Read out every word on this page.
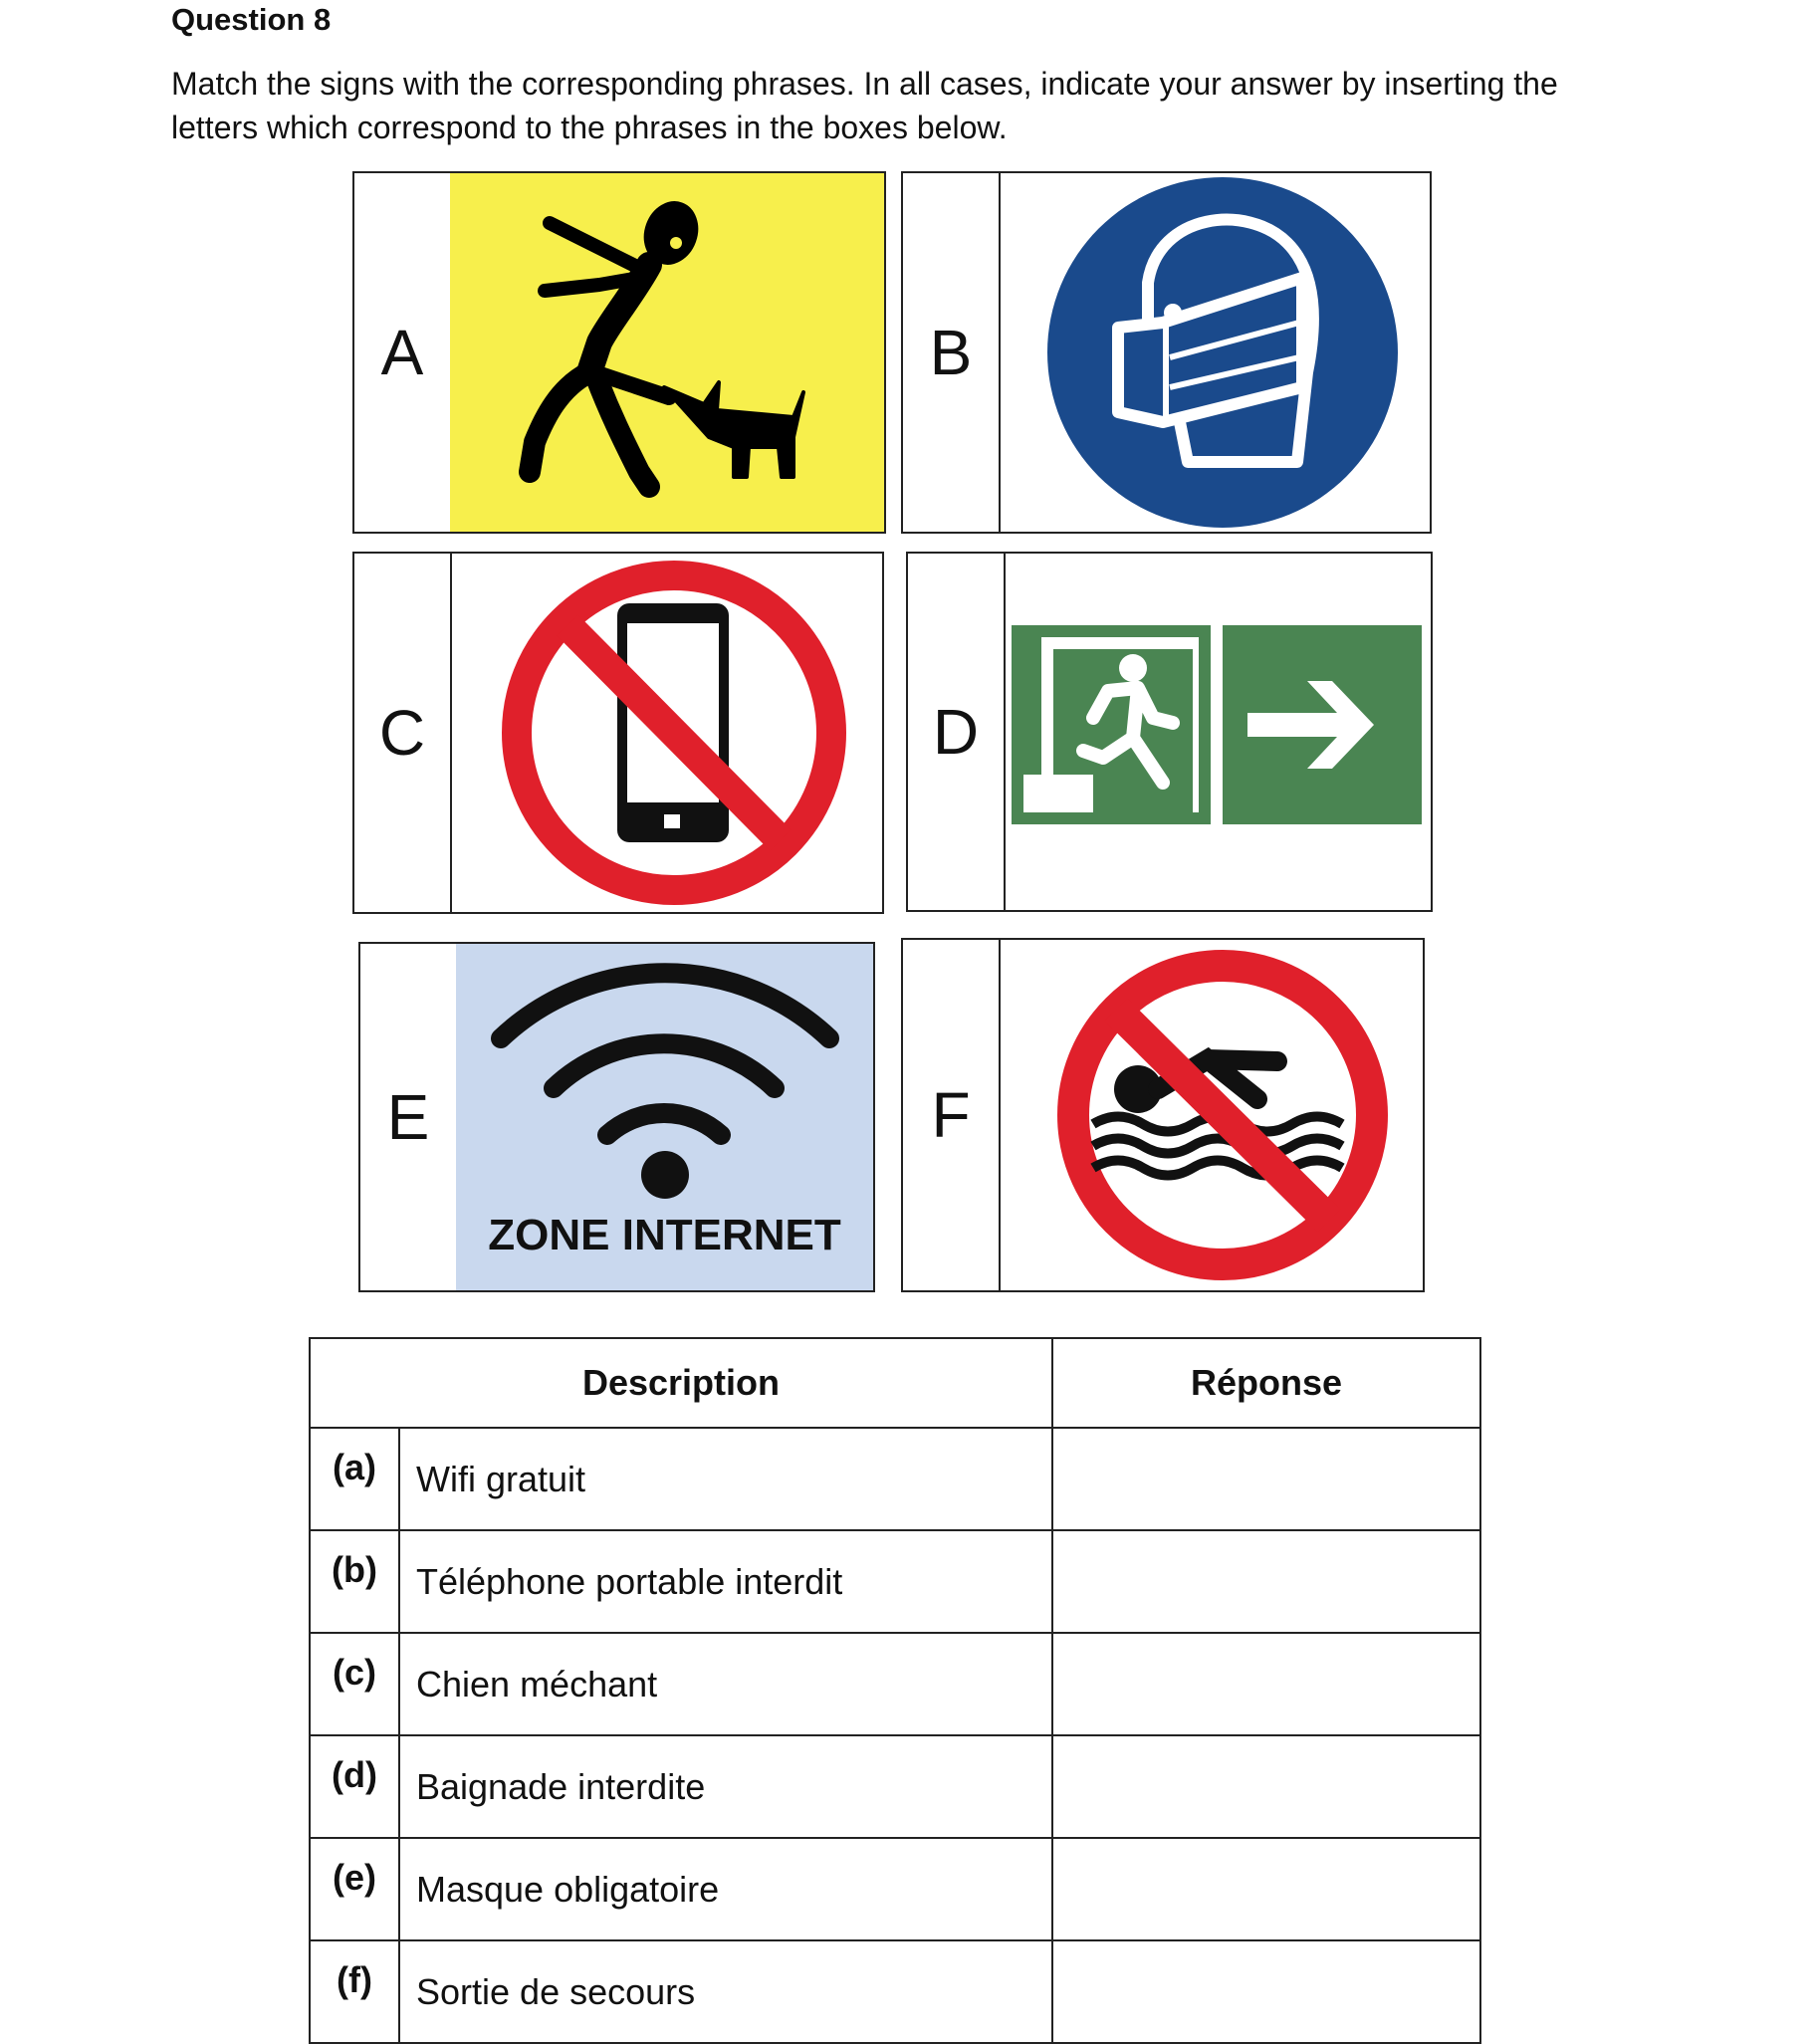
Question 8
Match the signs with the corresponding phrases. In all cases, indicate your answer by inserting the letters which correspond to the phrases in the boxes below.
A	B
C	D
E
ZONE INTERNET
F
Description		Réponse
(a)	Wifi gratuit	
(b)	Téléphone portable interdit	
(c)	Chien méchant	
(d)	Baignade interdite	
(e)	Masque obligatoire	
(f)	Sortie de secours	
